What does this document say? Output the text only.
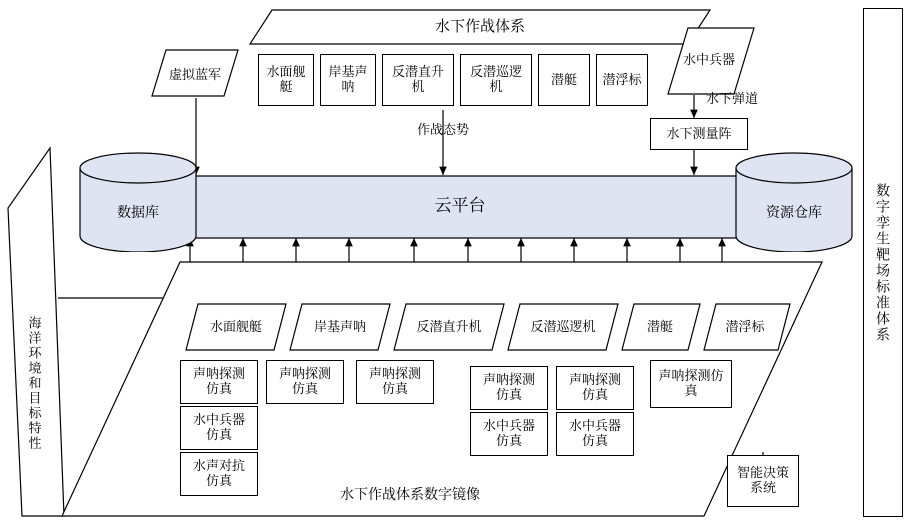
数字孪生靶场标准体系
海洋环境和目标特性
水下作战体系
水面舰艇
岸基声呐
反潜直升机
反潜巡逻机	潜艇 潜浮标
虚拟蓝军
水中兵器
水下弹道
水下测量阵
作战态势
云平台
数据库	资源仓库
水下作战体系数字镜像
水面舰艇	岸基声呐	反潜直升机	反潜巡逻机	潜艇	潜浮标
声呐探测仿真
水中兵器仿真
水声对抗仿真
声呐探测仿真
声呐探测仿真
声呐探测仿真
水中兵器仿真
声呐探测仿真
水中兵器仿真
声呐探测仿真
智能决策系统
